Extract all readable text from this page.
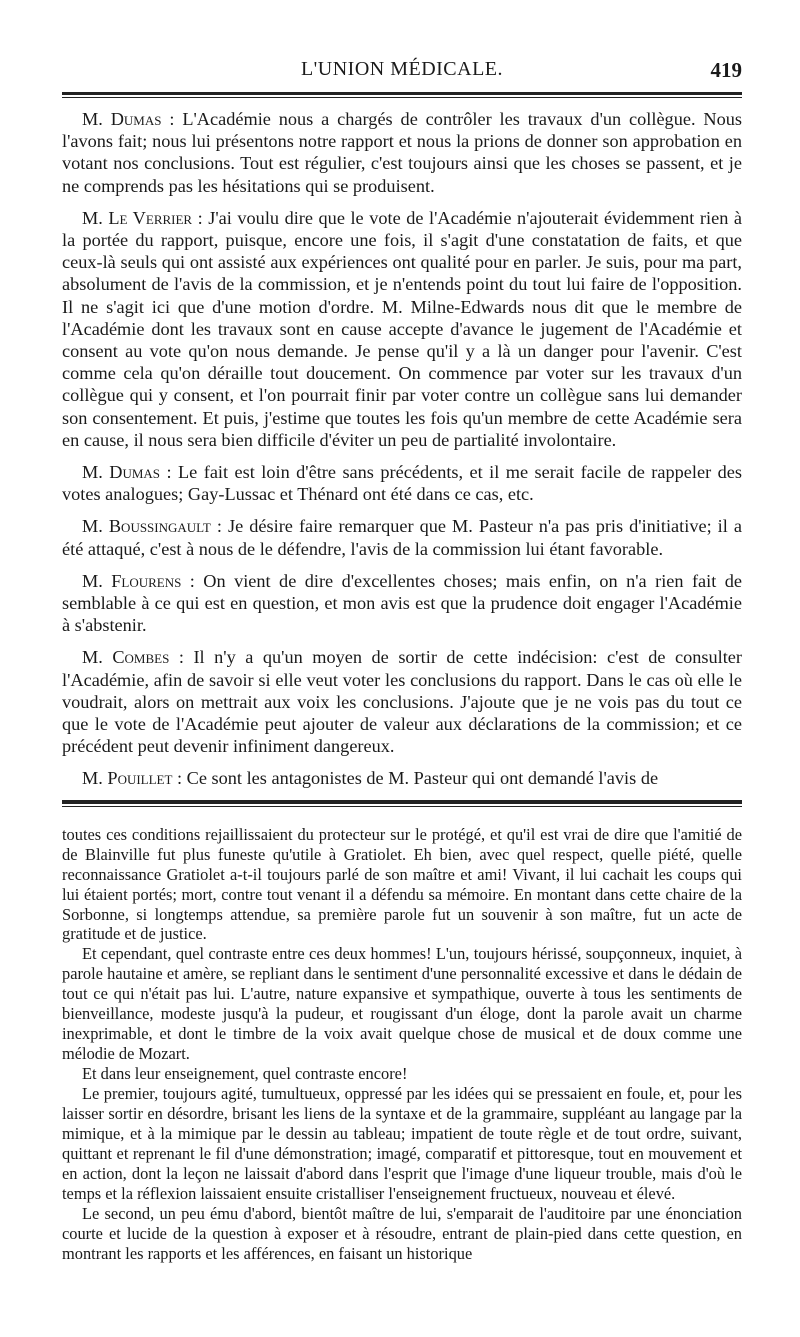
L'UNION MÉDICALE.	419

M. Dumas : L'Académie nous a chargés de contrôler les travaux d'un collègue. Nous l'avons fait; nous lui présentons notre rapport et nous la prions de donner son approbation en votant nos conclusions. Tout est régulier, c'est toujours ainsi que les choses se passent, et je ne comprends pas les hésitations qui se produisent.

M. Le Verrier : J'ai voulu dire que le vote de l'Académie n'ajouterait évidemment rien à la portée du rapport, puisque, encore une fois, il s'agit d'une constatation de faits, et que ceux-là seuls qui ont assisté aux expériences ont qualité pour en parler. Je suis, pour ma part, absolument de l'avis de la commission, et je n'entends point du tout lui faire de l'opposition. Il ne s'agit ici que d'une motion d'ordre. M. Milne-Edwards nous dit que le membre de l'Académie dont les travaux sont en cause accepte d'avance le jugement de l'Académie et consent au vote qu'on nous demande. Je pense qu'il y a là un danger pour l'avenir. C'est comme cela qu'on déraille tout doucement. On commence par voter sur les travaux d'un collègue qui y consent, et l'on pourrait finir par voter contre un collègue sans lui demander son consentement. Et puis, j'estime que toutes les fois qu'un membre de cette Académie sera en cause, il nous sera bien difficile d'éviter un peu de partialité involontaire.

M. Dumas : Le fait est loin d'être sans précédents, et il me serait facile de rappeler des votes analogues; Gay-Lussac et Thénard ont été dans ce cas, etc.

M. Boussingault : Je désire faire remarquer que M. Pasteur n'a pas pris d'initiative; il a été attaqué, c'est à nous de le défendre, l'avis de la commission lui étant favorable.

M. Flourens : On vient de dire d'excellentes choses; mais enfin, on n'a rien fait de semblable à ce qui est en question, et mon avis est que la prudence doit engager l'Académie à s'abstenir.

M. Combes : Il n'y a qu'un moyen de sortir de cette indécision: c'est de consulter l'Académie, afin de savoir si elle veut voter les conclusions du rapport. Dans le cas où elle le voudrait, alors on mettrait aux voix les conclusions. J'ajoute que je ne vois pas du tout ce que le vote de l'Académie peut ajouter de valeur aux déclarations de la commission; et ce précédent peut devenir infiniment dangereux.

M. Pouillet : Ce sont les antagonistes de M. Pasteur qui ont demandé l'avis de

toutes ces conditions rejaillissaient du protecteur sur le protégé, et qu'il est vrai de dire que l'amitié de de Blainville fut plus funeste qu'utile à Gratiolet. Eh bien, avec quel respect, quelle piété, quelle reconnaissance Gratiolet a-t-il toujours parlé de son maître et ami! Vivant, il lui cachait les coups qui lui étaient portés; mort, contre tout venant il a défendu sa mémoire. En montant dans cette chaire de la Sorbonne, si longtemps attendue, sa première parole fut un souvenir à son maître, fut un acte de gratitude et de justice.

Et cependant, quel contraste entre ces deux hommes! L'un, toujours hérissé, soupçonneux, inquiet, à parole hautaine et amère, se repliant dans le sentiment d'une personnalité excessive et dans le dédain de tout ce qui n'était pas lui. L'autre, nature expansive et sympathique, ouverte à tous les sentiments de bienveillance, modeste jusqu'à la pudeur, et rougissant d'un éloge, dont la parole avait un charme inexprimable, et dont le timbre de la voix avait quelque chose de musical et de doux comme une mélodie de Mozart.

Et dans leur enseignement, quel contraste encore!

Le premier, toujours agité, tumultueux, oppressé par les idées qui se pressaient en foule, et, pour les laisser sortir en désordre, brisant les liens de la syntaxe et de la grammaire, suppléant au langage par la mimique, et à la mimique par le dessin au tableau; impatient de toute règle et de tout ordre, suivant, quittant et reprenant le fil d'une démonstration; imagé, comparatif et pittoresque, tout en mouvement et en action, dont la leçon ne laissait d'abord dans l'esprit que l'image d'une liqueur trouble, mais d'où le temps et la réflexion laissaient ensuite cristalliser l'enseignement fructueux, nouveau et élevé.

Le second, un peu ému d'abord, bientôt maître de lui, s'emparait de l'auditoire par une énonciation courte et lucide de la question à exposer et à résoudre, entrant de plain-pied dans cette question, en montrant les rapports et les afférences, en faisant un historique
